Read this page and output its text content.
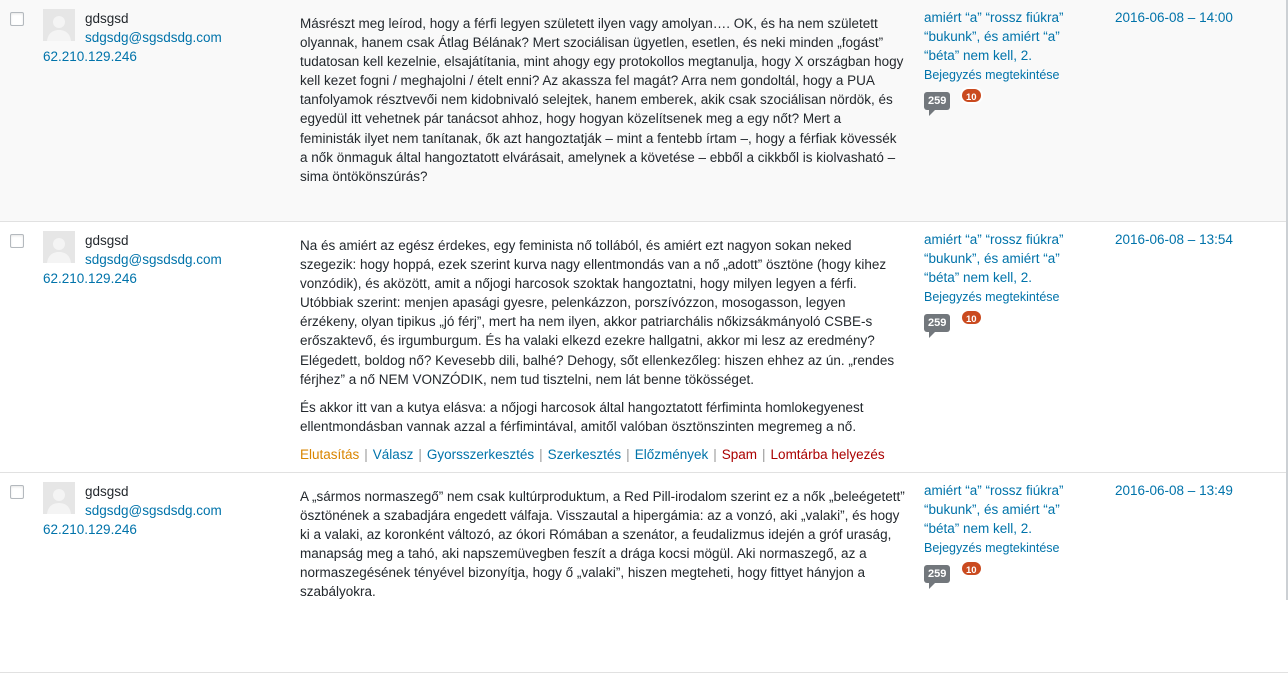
gdsgsd
sdgsdg@sgsdsdg.com
62.210.129.246

Másrészt meg leírod, hogy a férfi legyen született ilyen vagy amolyan…. OK, és ha nem született olyannak, hanem csak Átlag Bélának? Mert szociálisan ügyetlen, esetlen, és neki minden „fogást” tudatosan kell kezelnie, elsajátítania, mint ahogy egy protokollos megtanulja, hogy X országban hogy kell kezet fogni / meghajolni / ételt enni? Az akassza fel magát? Arra nem gondoltál, hogy a PUA tanfolyamok résztvevői nem kidobnivaló selejtek, hanem emberek, akik csak szociálisan nördök, és egyedül itt vehetnek pár tanácsot ahhoz, hogy hogyan közelítsenek meg a egy nőt? Mert a feministák ilyet nem tanítanak, ők azt hangoztatják – mint a fentebb írtam –, hogy a férfiak kövessék a nők önmaguk által hangoztatott elvárásait, amelynek a követése – ebből a cikkből is kiolvasható – sima öntökönszúrás?

amiért “a” “rossz fiúkra” “bukunk”, és amiért “a” “béta” nem kell, 2.
Bejegyzés megtekintése
259	10
2016-06-08 – 14:00
gdsgsd
sdgsdg@sgsdsdg.com
62.210.129.246

Na és amiért az egész érdekes, egy feminista nő tollából, és amiért ezt nagyon sokan neked szegezik: hogy hoppá, ezek szerint kurva nagy ellentmondás van a nő „adott” ösztöne (hogy kihez vonzódik), és aközött, amit a nőjogi harcosok szoktak hangoztatni, hogy milyen legyen a férfi. Utóbbiak szerint: menjen apasági gyesre, pelenkázzon, porszívózzon, mosogasson, legyen érzékeny, olyan tipikus „jó férj”, mert ha nem ilyen, akkor patriarchális nőkizsákmányoló CSBE-s erőszaktevő, és irgumburgum. És ha valaki elkezd ezekre hallgatni, akkor mi lesz az eredmény? Elégedett, boldog nő? Kevesebb dili, balhé? Dehogy, sőt ellenkezőleg: hiszen ehhez az ún. „rendes férjhez” a nő NEM VONZÓDIK, nem tud tisztelni, nem lát benne tökösséget.

És akkor itt van a kutya elásva: a nőjogi harcosok által hangoztatott férfiminta homlokegyenest ellentmondásban vannak azzal a férfimintával, amitől valóban ösztönszinten megremeg a nő.

Elutasítás | Válasz | Gyorsszerkesztés | Szerkesztés | Előzmények | Spam | Lomtárba helyezés
amiért “a” “rossz fiúkra” “bukunk”, és amiért “a” “béta” nem kell, 2.
Bejegyzés megtekintése
259	10
2016-06-08 – 13:54
gdsgsd
sdgsdg@sgsdsdg.com
62.210.129.246

A „sármos normaszegő” nem csak kultúrprodukt​um, a Red Pill-irodalom szerint ez a nők „beleégetett” ösztönének a szabadjára engedett válfaja. Visszautal a hipergámia: az a vonzó, aki „valaki”, és hogy ki a valaki, az koronként változó, az ókori Rómában a szenátor, a feudalizmus idején a gróf uraság, manapság meg a tahó, aki napszemüvegben feszít a drága kocsi mögül. Aki normaszegő, az a normaszegésének tényével bizonyítja, hogy ő „valaki”, hiszen megteheti, hogy fittyet hányjon a szabályokra.

amiért “a” “rossz fiúkra” “bukunk”, és amiért “a” “béta” nem kell, 2.
Bejegyzés megtekintése
259	10
2016-06-08 – 13:49
